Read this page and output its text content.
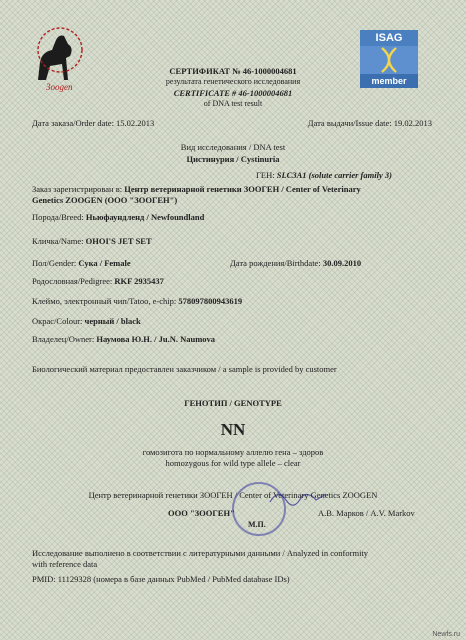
3oogen
ISAG
member
СЕРТИФИКАТ № 46-1000004681
результата генетического исследования
CERTIFICATE # 46-1000004681
of DNA test result
Дата заказа/Order date: 15.02.2013	Дата выдачи/Issue date: 19.02.2013
Вид исследования / DNA test
Цистинурия / Cystinuria
ГЕН: SLC3A1 (solute carrier family 3)
Заказ зарегистрирован в: Центр ветеринарной генетики ЗООГЕН / Center of Veterinary
Genetics ZOOGEN (ООО "ЗООГЕН")
Порода/Breed: Ньюфаундленд / Newfoundland
Кличка/Name: OHOI'S JET SET
Пол/Gender: Сука / Female	Дата рождения/Birthdate: 30.09.2010
Родословная/Pedigree: RKF 2935437
Клеймо, электронный чип/Tatoo, e-chip: 578097800943619
Окрас/Colour: черный / black
Владелец/Owner: Наумова Ю.Н. / Ju.N. Naumova
Биологический материал предоставлен заказчиком / a sample is provided by customer
ГЕНОТИП / GENOTYPE
NN
гомозигота по нормальному аллелю гена – здоров
homozygous for wild type allele – clear
Центр ветеринарной генетики ЗООГЕН / Center of Veterinary Genetics ZOOGEN
ООО "ЗООГЕН"
М.П.
А.В. Марков / A.V. Markov
Исследование выполнено в соответствии с литературными данными / Analyzed in conformity
with reference data
PMID: 11129328 (номера в базе данных PubMed / PubMed database IDs)
Newfs.ru
